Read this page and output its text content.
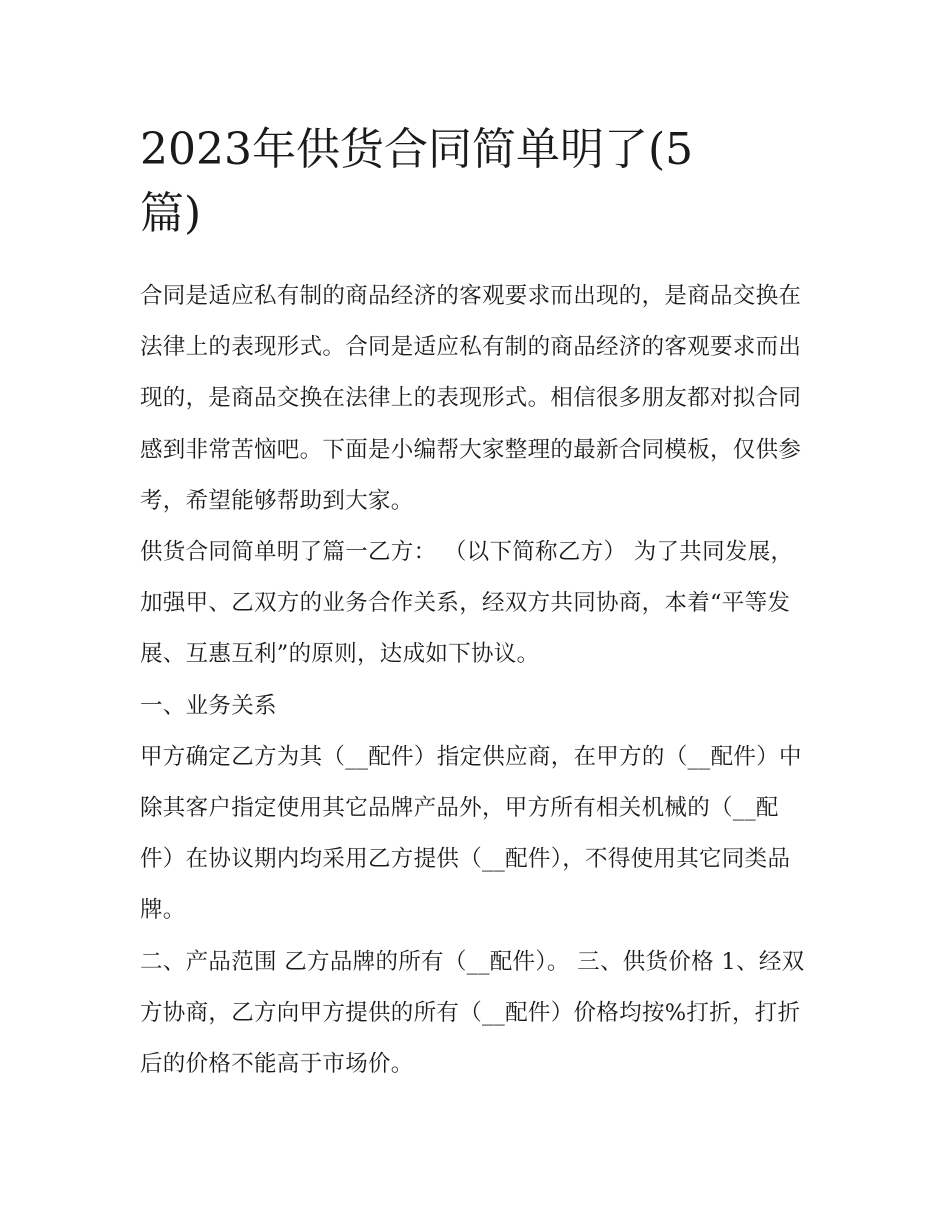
2023年供货合同简单明了(5
篇)

合同是适应私有制的商品经济的客观要求而出现的，是商品交换在法律上的表现形式。合同是适应私有制的商品经济的客观要求而出现的，是商品交换在法律上的表现形式。相信很多朋友都对拟合同感到非常苦恼吧。下面是小编帮大家整理的最新合同模板，仅供参考，希望能够帮助到大家。

供货合同简单明了篇一乙方： （以下简称乙方） 为了共同发展，加强甲、乙双方的业务合作关系，经双方共同协商，本着“平等发展、互惠互利”的原则，达成如下协议。

一、业务关系

甲方确定乙方为其（__配件）指定供应商，在甲方的（__配件）中除其客户指定使用其它品牌产品外，甲方所有相关机械的（__配件）在协议期内均采用乙方提供（__配件），不得使用其它同类品牌。

二、产品范围 乙方品牌的所有（__配件）。 三、供货价格 1、经双方协商，乙方向甲方提供的所有（__配件）价格均按%打折，打折后的价格不能高于市场价。
